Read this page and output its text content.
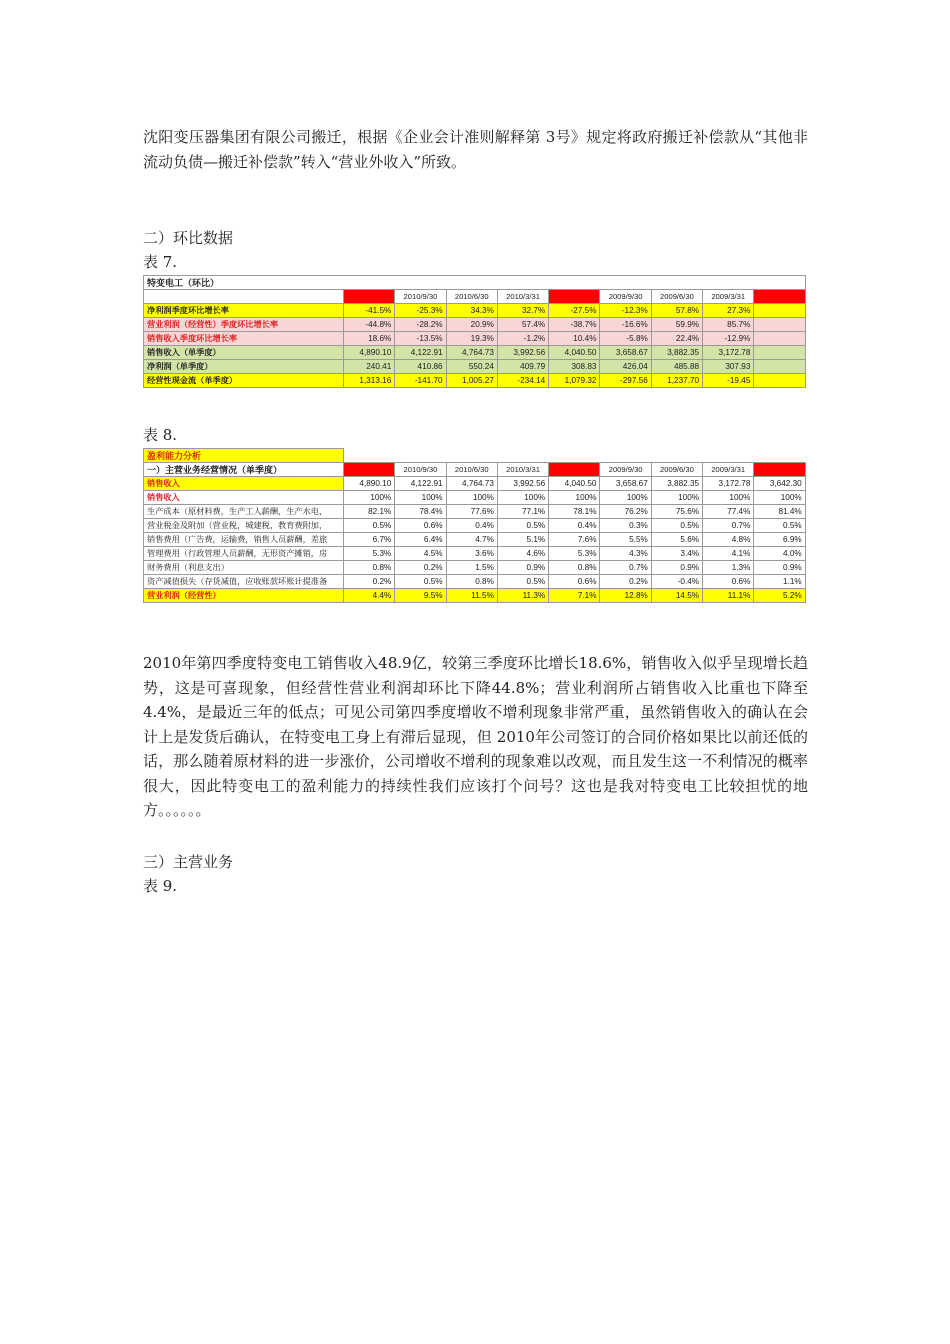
沈阳变压器集团有限公司搬迁，根据《企业会计准则解释第 3号》规定将政府搬迁补偿款从“其他非流动负债—搬迁补偿款”转入“营业外收入”所致。

二）环比数据

表 7.

特变电工（环比）									
	2010/12/31	2010/9/30	2010/6/30	2010/3/31	2009/12/31	2009/9/30	2009/6/30	2009/3/31	2008/12/31
净利润季度环比增长率	-41.5%	-25.3%	34.3%	32.7%	-27.5%	-12.3%	57.8%	27.3%	
营业利润（经营性）季度环比增长率	-44.8%	-28.2%	20.9%	57.4%	-38.7%	-16.6%	59.9%	85.7%	
销售收入季度环比增长率	18.6%	-13.5%	19.3%	-1.2%	10.4%	-5.8%	22.4%	-12.9%	
销售收入（单季度）	4,890.10	4,122.91	4,764.73	3,992.56	4,040.50	3,658.67	3,882.35	3,172.78	
净利润（单季度）	240.41	410.86	550.24	409.79	308.83	426.04	485.88	307.93	
经营性现金流（单季度）	1,313.16	-141.70	1,005.27	-234.14	1,079.32	-297.56	1,237.70	-19.45	

表 8.

盈利能力分析									
一）主营业务经营情况（单季度）	2010/12/31	2010/9/30	2010/6/30	2010/3/31	2009/12/31	2009/9/30	2009/6/30	2009/3/31	2008/12/31
销售收入	4,890.10	4,122.91	4,764.73	3,992.56	4,040.50	3,658.67	3,882.35	3,172.78	3,642.30
销售收入	100%	100%	100%	100%	100%	100%	100%	100%	100%
生产成本（原材料费，生产工人薪酬，生产水电，	82.1%	78.4%	77.6%	77.1%	78.1%	76.2%	75.6%	77.4%	81.4%
营业税金及附加（营业税，城建税，教育费附加，	0.5%	0.6%	0.4%	0.5%	0.4%	0.3%	0.5%	0.7%	0.5%
销售费用（广告费，运输费，销售人员薪酬，差旅	6.7%	6.4%	4.7%	5.1%	7.6%	5.5%	5.6%	4.8%	6.9%
管理费用（行政管理人员薪酬，无形资产摊销，房	5.3%	4.5%	3.6%	4.6%	5.3%	4.3%	3.4%	4.1%	4.0%
财务费用（利息支出）	0.8%	0.2%	1.5%	0.9%	0.8%	0.7%	0.9%	1.3%	0.9%
资产减值损失（存货减值，应收账款坏账计提准备	0.2%	0.5%	0.8%	0.5%	0.6%	0.2%	-0.4%	0.6%	1.1%
营业利润（经营性）	4.4%	9.5%	11.5%	11.3%	7.1%	12.8%	14.5%	11.1%	5.2%

2010年第四季度特变电工销售收入48.9亿，较第三季度环比增长18.6%，销售收入似乎呈现增长趋势，这是可喜现象，但经营性营业利润却环比下降44.8%；营业利润所占销售收入比重也下降至4.4%，是最近三年的低点；可见公司第四季度增收不增利现象非常严重，虽然销售收入的确认在会计上是发货后确认，在特变电工身上有滞后显现，但 2010年公司签订的合同价格如果比以前还低的话，那么随着原材料的进一步涨价，公司增收不增利的现象难以改观，而且发生这一不利情况的概率很大，因此特变电工的盈利能力的持续性我们应该打个问号？这也是我对特变电工比较担忧的地方。。。。。。

三）主营业务

表 9.
